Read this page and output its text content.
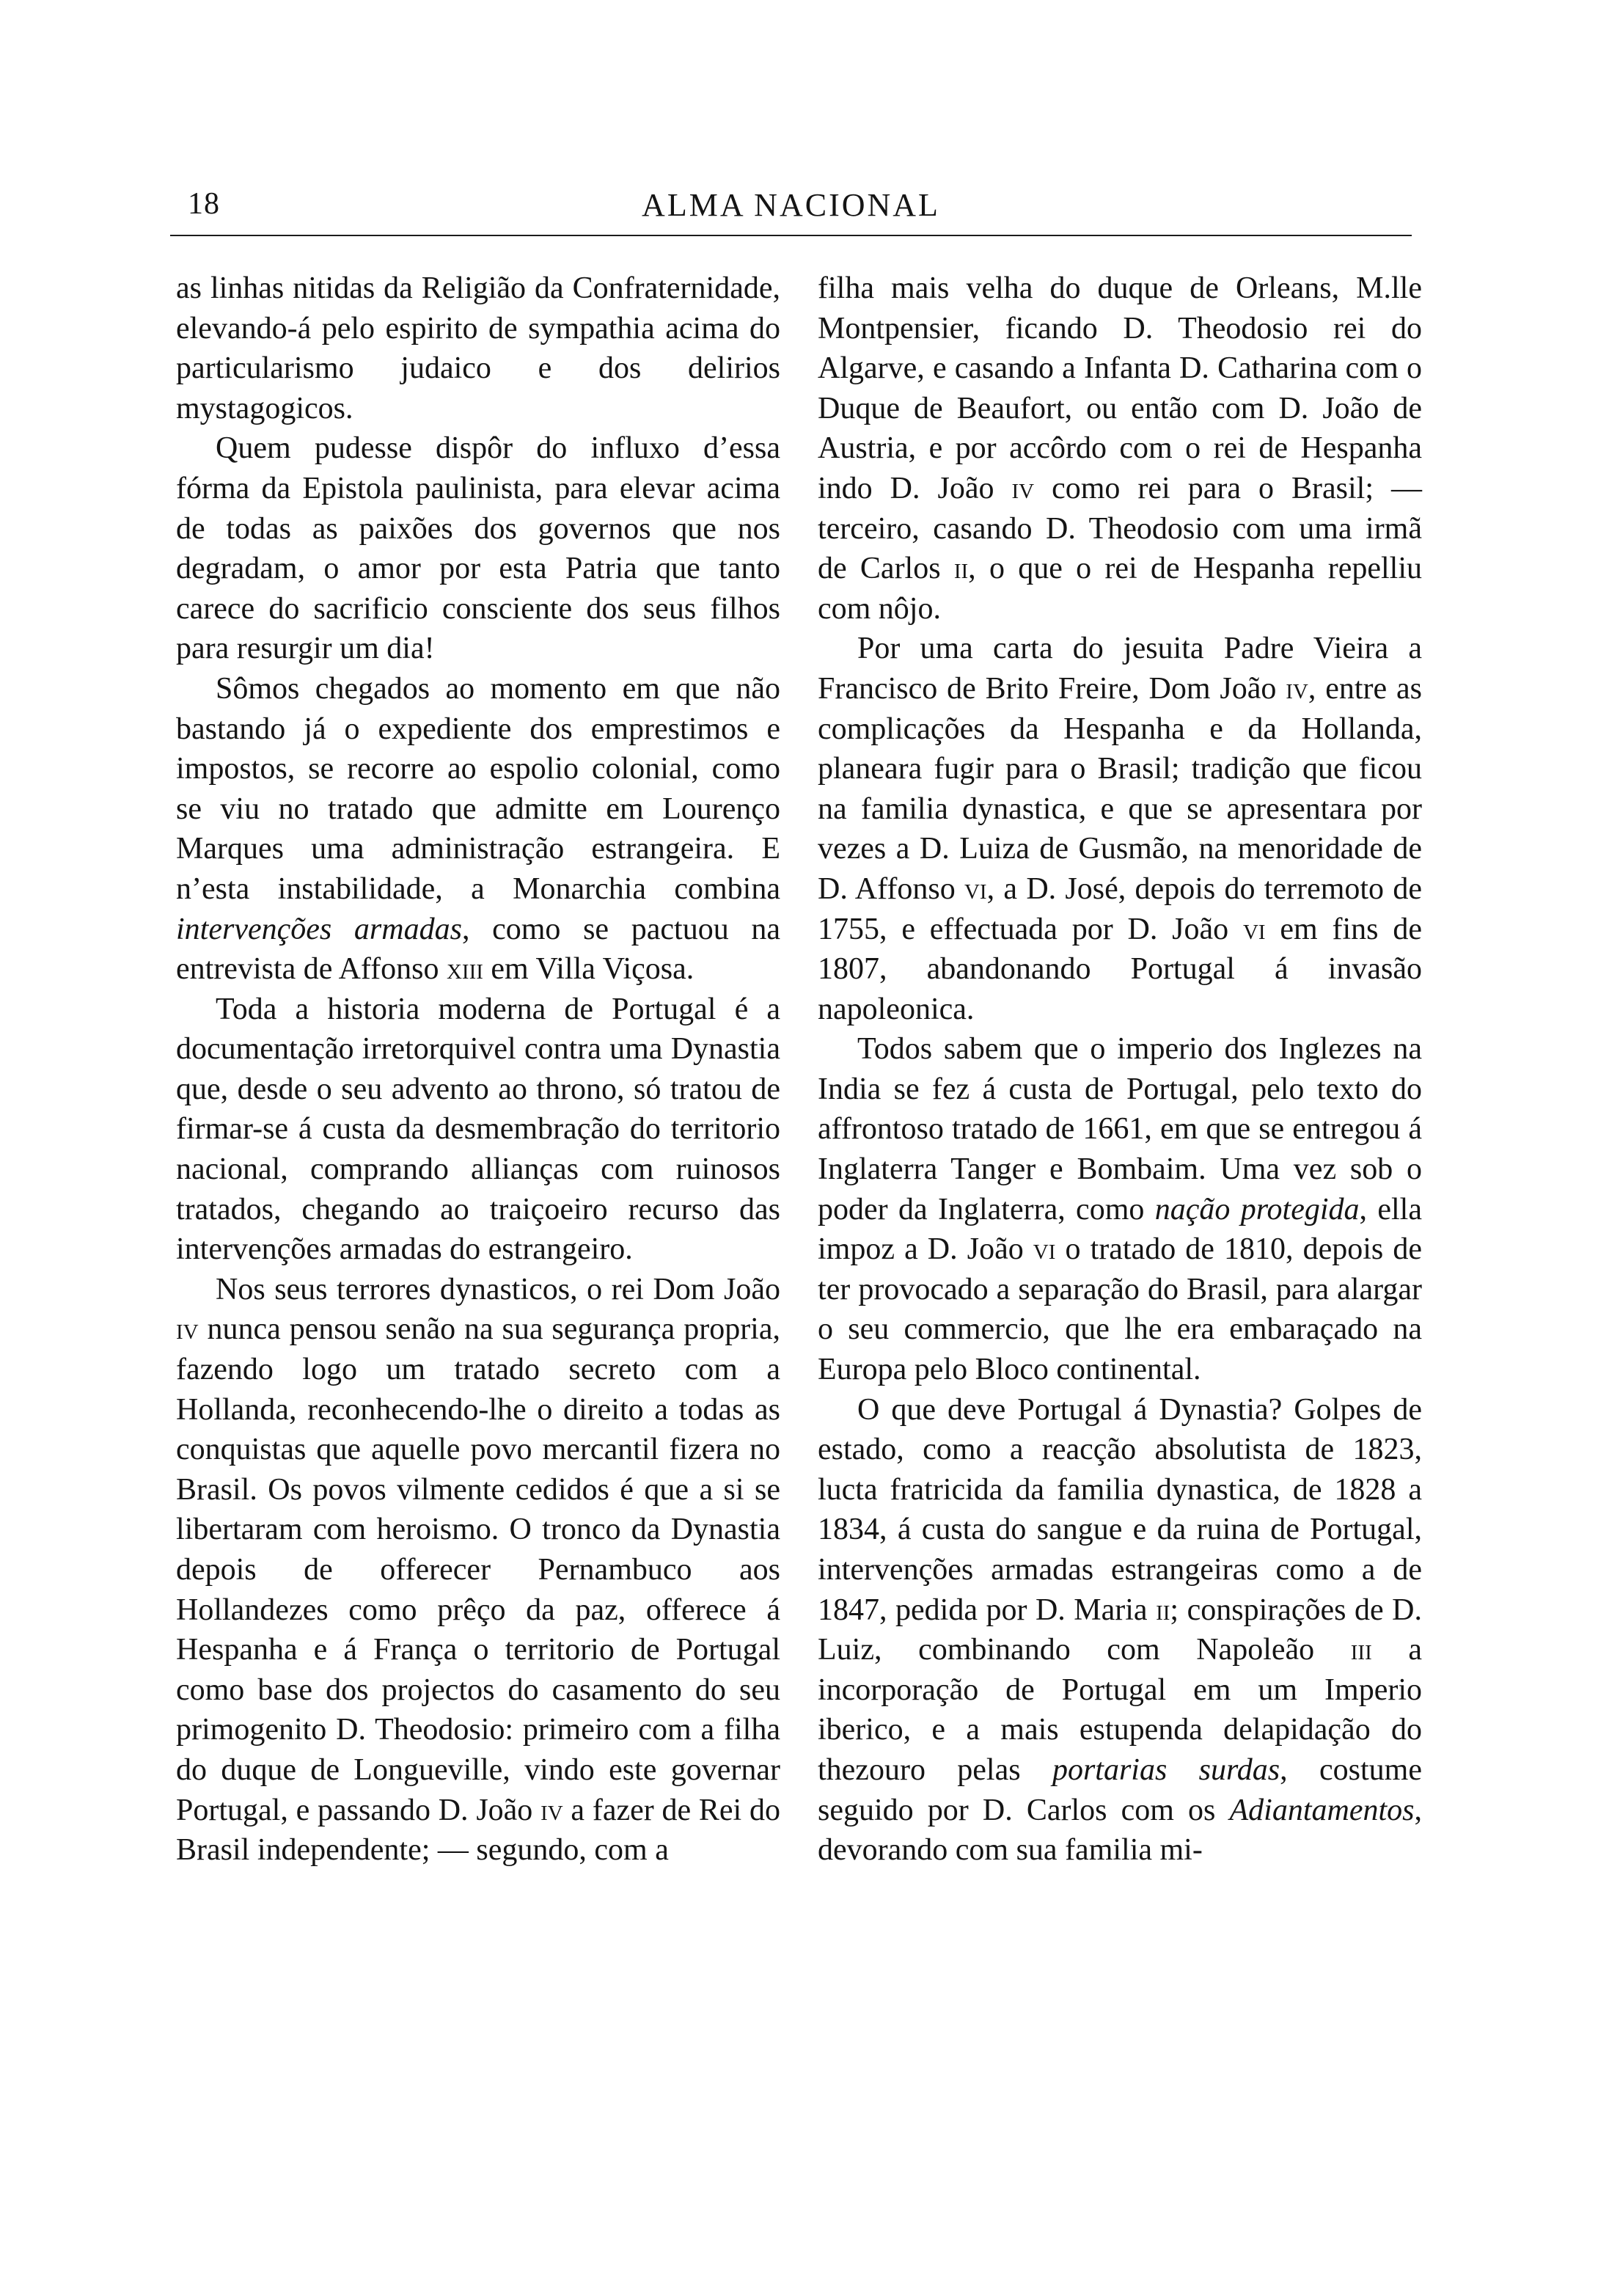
18	ALMA NACIONAL

as linhas nitidas da Religião da Confraternidade, elevando-á pelo espirito de sympathia acima do particularismo judaico e dos delirios mystagogicos.

Quem pudesse dispôr do influxo d’essa fórma da Epistola paulinista, para elevar acima de todas as paixões dos governos que nos degradam, o amor por esta Patria que tanto carece do sacrificio consciente dos seus filhos para resurgir um dia!

Sômos chegados ao momento em que não bastando já o expediente dos emprestimos e impostos, se recorre ao espolio colonial, como se viu no tratado que admitte em Lourenço Marques uma administração estrangeira. E n’esta instabilidade, a Monarchia combina intervenções armadas, como se pactuou na entrevista de Affonso xiii em Villa Viçosa.

Toda a historia moderna de Portugal é a documentação irretorquivel contra uma Dynastia que, desde o seu advento ao throno, só tratou de firmar-se á custa da desmembração do territorio nacional, comprando allianças com ruinosos tratados, chegando ao traiçoeiro recurso das intervenções armadas do estrangeiro.

Nos seus terrores dynasticos, o rei Dom João iv nunca pensou senão na sua segurança propria, fazendo logo um tratado secreto com a Hollanda, reconhecendo-lhe o direito a todas as conquistas que aquelle povo mercantil fizera no Brasil. Os povos vilmente cedidos é que a si se libertaram com heroismo. O tronco da Dynastia depois de offerecer Pernambuco aos Hollandezes como prêço da paz, offerece á Hespanha e á França o territorio de Portugal como base dos projectos do casamento do seu primogenito D. Theodosio: primeiro com a filha do duque de Longueville, vindo este governar Portugal, e passando D. João iv a fazer de Rei do Brasil independente; — segundo, com a

filha mais velha do duque de Orleans, M.lle Montpensier, ficando D. Theodosio rei do Algarve, e casando a Infanta D. Catharina com o Duque de Beaufort, ou então com D. João de Austria, e por accôrdo com o rei de Hespanha indo D. João iv como rei para o Brasil; — terceiro, casando D. Theodosio com uma irmã de Carlos ii, o que o rei de Hespanha repelliu com nôjo.

Por uma carta do jesuita Padre Vieira a Francisco de Brito Freire, Dom João iv, entre as complicações da Hespanha e da Hollanda, planeara fugir para o Brasil; tradição que ficou na familia dynastica, e que se apresentara por vezes a D. Luiza de Gusmão, na menoridade de D. Affonso vi, a D. José, depois do terremoto de 1755, e effectuada por D. João vi em fins de 1807, abandonando Portugal á invasão napoleonica.

Todos sabem que o imperio dos Inglezes na India se fez á custa de Portugal, pelo texto do affrontoso tratado de 1661, em que se entregou á Inglaterra Tanger e Bombaim. Uma vez sob o poder da Inglaterra, como nação protegida, ella impoz a D. João vi o tratado de 1810, depois de ter provocado a separação do Brasil, para alargar o seu commercio, que lhe era embaraçado na Europa pelo Bloco continental.

O que deve Portugal á Dynastia? Golpes de estado, como a reacção absolutista de 1823, lucta fratricida da familia dynastica, de 1828 a 1834, á custa do sangue e da ruina de Portugal, intervenções armadas estrangeiras como a de 1847, pedida por D. Maria ii; conspirações de D. Luiz, combinando com Napoleão iii a incorporação de Portugal em um Imperio iberico, e a mais estupenda delapidação do thezouro pelas portarias surdas, costume seguido por D. Carlos com os Adiantamentos, devorando com sua familia mi-
